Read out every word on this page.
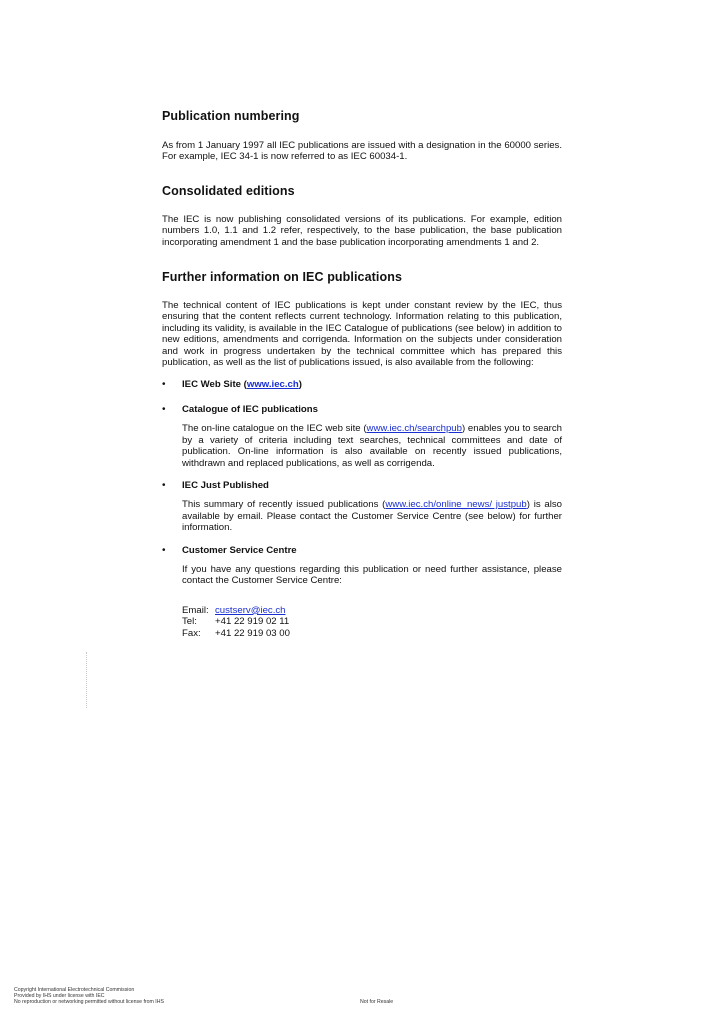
Publication numbering

As from 1 January 1997 all IEC publications are issued with a designation in the 60000 series. For example, IEC 34-1 is now referred to as IEC 60034-1.

Consolidated editions

The IEC is now publishing consolidated versions of its publications. For example, edition numbers 1.0, 1.1 and 1.2 refer, respectively, to the base publication, the base publication incorporating amendment 1 and the base publication incorporating amendments 1 and 2.

Further information on IEC publications

The technical content of IEC publications is kept under constant review by the IEC, thus ensuring that the content reflects current technology. Information relating to this publication, including its validity, is available in the IEC Catalogue of publications (see below) in addition to new editions, amendments and corrigenda. Information on the subjects under consideration and work in progress undertaken by the technical committee which has prepared this publication, as well as the list of publications issued, is also available from the following:

• IEC Web Site (www.iec.ch)
• Catalogue of IEC publications

The on-line catalogue on the IEC web site (www.iec.ch/searchpub) enables you to search by a variety of criteria including text searches, technical committees and date of publication. On-line information is also available on recently issued publications, withdrawn and replaced publications, as well as corrigenda.

• IEC Just Published

This summary of recently issued publications (www.iec.ch/online_news/ justpub) is also available by email. Please contact the Customer Service Centre (see below) for further information.

• Customer Service Centre

If you have any questions regarding this publication or need further assistance, please contact the Customer Service Centre:

Email: custserv@iec.ch
Tel:	+41 22 919 02 11
Fax:	+41 22 919 03 00
Copyright International Electrotechnical Commission
Provided by IHS under license with IEC
No reproduction or networking permitted without license from IHS	Not for Resale
